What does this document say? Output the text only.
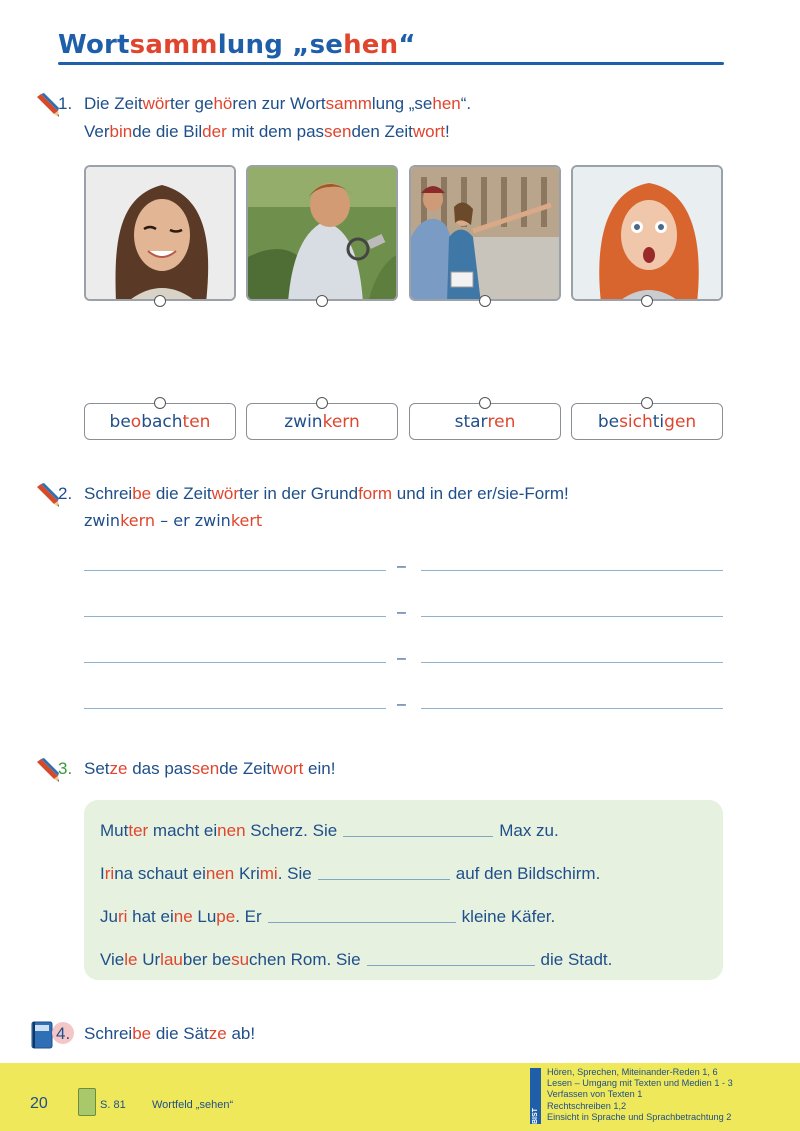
Wortsammlung „sehen“
1. Die Zeitwörter gehören zur Wortsammlung „sehen“.
Verbinde die Bilder mit dem passenden Zeitwort!
be o bach ten	zwin kern	star ren	be sich ti gen
2. Schreibe die Zeitwörter in der Grundform und in der er/sie-Form!
zwinkern – er zwinkert
–
–
–
–
3. Setze das passende Zeitwort ein!
Mutter macht einen Scherz. Sie	Max zu.
Irina schaut einen Krimi. Sie	auf den Bild⁠schirm.
Juri hat eine Lupe. Er	klei⁠ne Kä⁠fer.
Viele Urlauber besuchen Rom. Sie	die Stadt.
4. Schreibe die Sätze ab!
20	S. 81 Wortfeld „sehen“
BIST
Hören, Sprechen, Miteinander-Reden 1, 6
Lesen – Umgang mit Texten und Medien 1 - 3
Verfassen von Texten 1
Rechtschreiben 1,2
Einsicht in Sprache und Sprachbetrachtung 2
